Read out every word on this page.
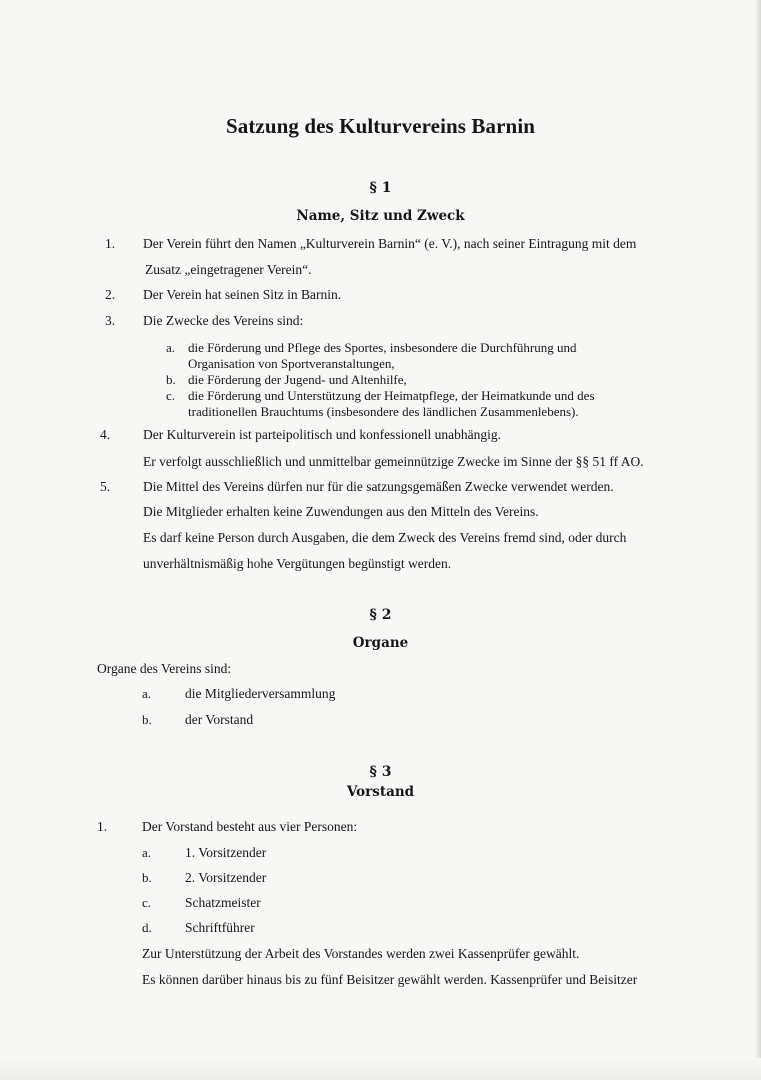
Satzung des Kulturvereins Barnin
§ 1
Name, Sitz und Zweck
1. Der Verein führt den Namen „Kulturverein Barnin“ (e. V.), nach seiner Eintragung mit dem
Zusatz „eingetragener Verein“.
2. Der Verein hat seinen Sitz in Barnin.
3. Die Zwecke des Vereins sind:
a. die Förderung und Pflege des Sportes, insbesondere die Durchführung und Organisation von Sportveranstaltungen,
b. die Förderung der Jugend- und Altenhilfe,
c. die Förderung und Unterstützung der Heimatpflege, der Heimatkunde und des traditionellen Brauchtums (insbesondere des ländlichen Zusammenlebens).
4. Der Kulturverein ist parteipolitisch und konfessionell unabhängig.
Er verfolgt ausschließlich und unmittelbar gemeinnützige Zwecke im Sinne der §§ 51 ff AO.
5. Die Mittel des Vereins dürfen nur für die satzungsgemäßen Zwecke verwendet werden.
Die Mitglieder erhalten keine Zuwendungen aus den Mitteln des Vereins.
Es darf keine Person durch Ausgaben, die dem Zweck des Vereins fremd sind, oder durch
unverhältnismäßig hohe Vergütungen begünstigt werden.
§ 2
Organe
Organe des Vereins sind:
a.	die Mitgliederversammlung
b. der Vorstand
§ 3
Vorstand
1.	Der Vorstand besteht aus vier Personen:
a.	1. Vorsitzender
b. 2. Vorsitzender
c.	Schatzmeister
d. Schriftführer
Zur Unterstützung der Arbeit des Vorstandes werden zwei Kassenprüfer gewählt.
Es können darüber hinaus bis zu fünf Beisitzer gewählt werden. Kassenprüfer und Beisitzer
